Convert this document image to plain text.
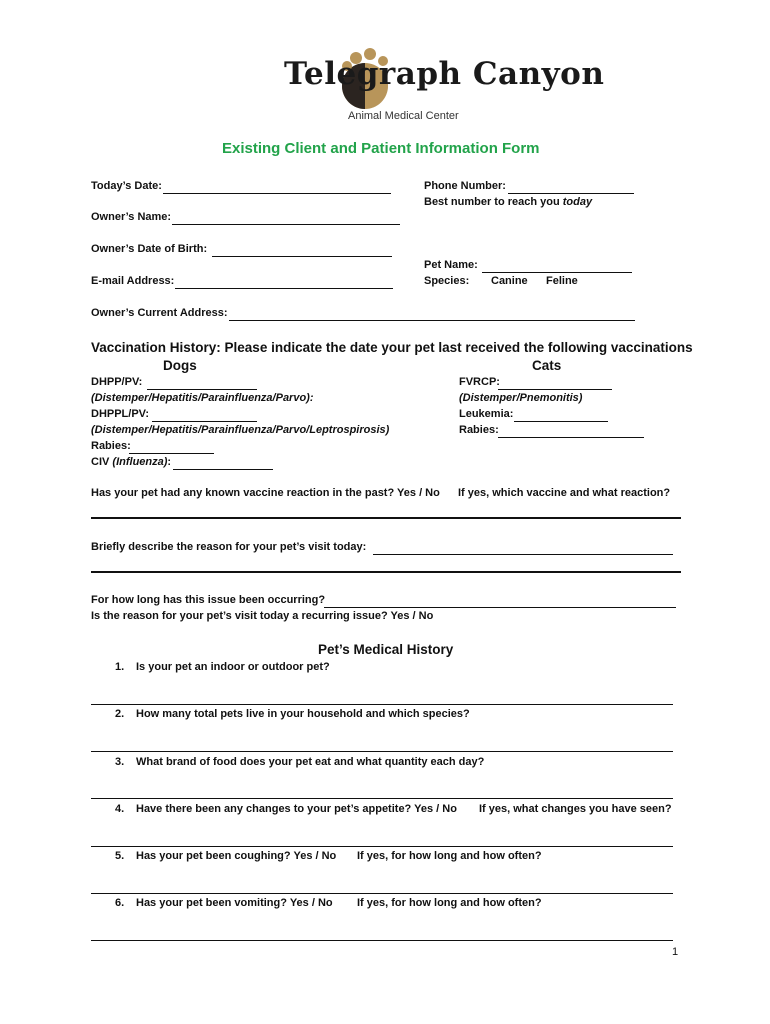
Telegraph Canyon
Animal Medical Center
Existing Client and Patient Information Form
Today’s Date:	Phone Number:
Best number to reach you today
Owner’s Name:
Owner’s Date of Birth:
Pet Name:
Species: Canine Feline
E-mail Address:
Owner’s Current Address:
Vaccination History: Please indicate the date your pet last received the following vaccinations
Dogs	Cats
DHPP/PV:
(Distemper/Hepatitis/Parainfluenza/Parvo):
DHPPL/PV:
(Distemper/Hepatitis/Parainfluenza/Parvo/Leptrospirosis)
Rabies:
CIV (Influenza):
FVRCP:
(Distemper/Pnemonitis)
Leukemia:
Rabies:
Has your pet had any known vaccine reaction in the past? Yes / No If yes, which vaccine and what reaction?
Briefly describe the reason for your pet’s visit today:
For how long has this issue been occurring?
Is the reason for your pet’s visit today a recurring issue? Yes / No
Pet’s Medical History
1. Is your pet an indoor or outdoor pet?
2. How many total pets live in your household and which species?
3. What brand of food does your pet eat and what quantity each day?
4. Have there been any changes to your pet’s appetite? Yes / No If yes, what changes you have seen?
5. Has your pet been coughing? Yes / No If yes, for how long and how often?
6. Has your pet been vomiting? Yes / No If yes, for how long and how often?
1
